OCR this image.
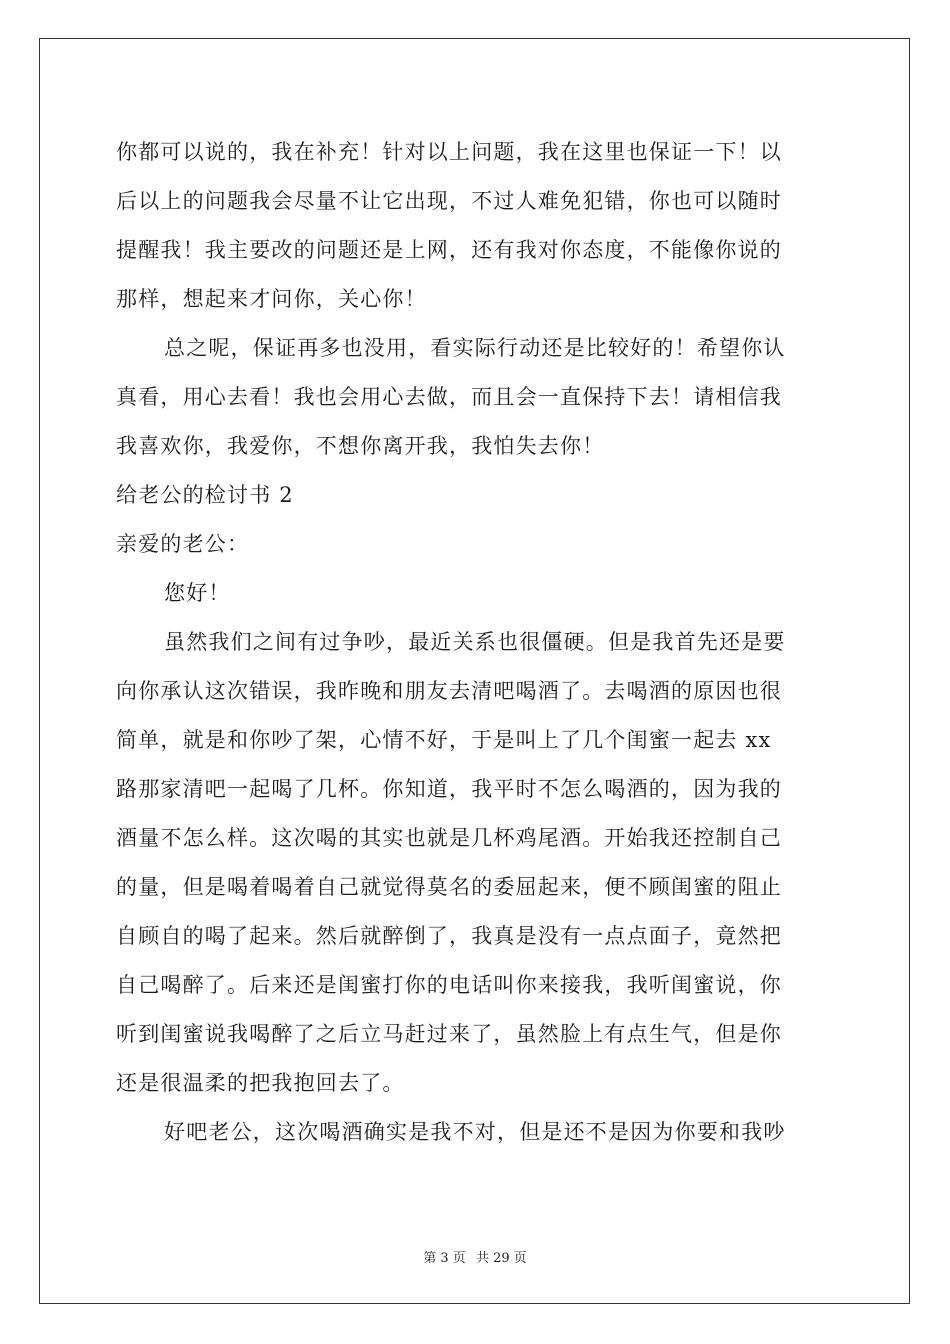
你都可以说的，我在补充！针对以上问题，我在这里也保证一下！以
后以上的问题我会尽量不让它出现，不过人难免犯错，你也可以随时
提醒我！我主要改的问题还是上网，还有我对你态度，不能像你说的
那样，想起来才问你，关心你！
总之呢，保证再多也没用，看实际行动还是比较好的！希望你认
真看，用心去看！我也会用心去做，而且会一直保持下去！请相信我
我喜欢你，我爱你，不想你离开我，我怕失去你！
给老公的检讨书 2
亲爱的老公：
您好！
虽然我们之间有过争吵，最近关系也很僵硬。但是我首先还是要
向你承认这次错误，我昨晚和朋友去清吧喝酒了。去喝酒的原因也很
简单，就是和你吵了架，心情不好，于是叫上了几个闺蜜一起去 xx
路那家清吧一起喝了几杯。你知道，我平时不怎么喝酒的，因为我的
酒量不怎么样。这次喝的其实也就是几杯鸡尾酒。开始我还控制自己
的量，但是喝着喝着自己就觉得莫名的委屈起来，便不顾闺蜜的阻止
自顾自的喝了起来。然后就醉倒了，我真是没有一点点面子，竟然把
自己喝醉了。后来还是闺蜜打你的电话叫你来接我，我听闺蜜说，你
听到闺蜜说我喝醉了之后立马赶过来了，虽然脸上有点生气，但是你
还是很温柔的把我抱回去了。
好吧老公，这次喝酒确实是我不对，但是还不是因为你要和我吵
第 3 页 共 29 页
